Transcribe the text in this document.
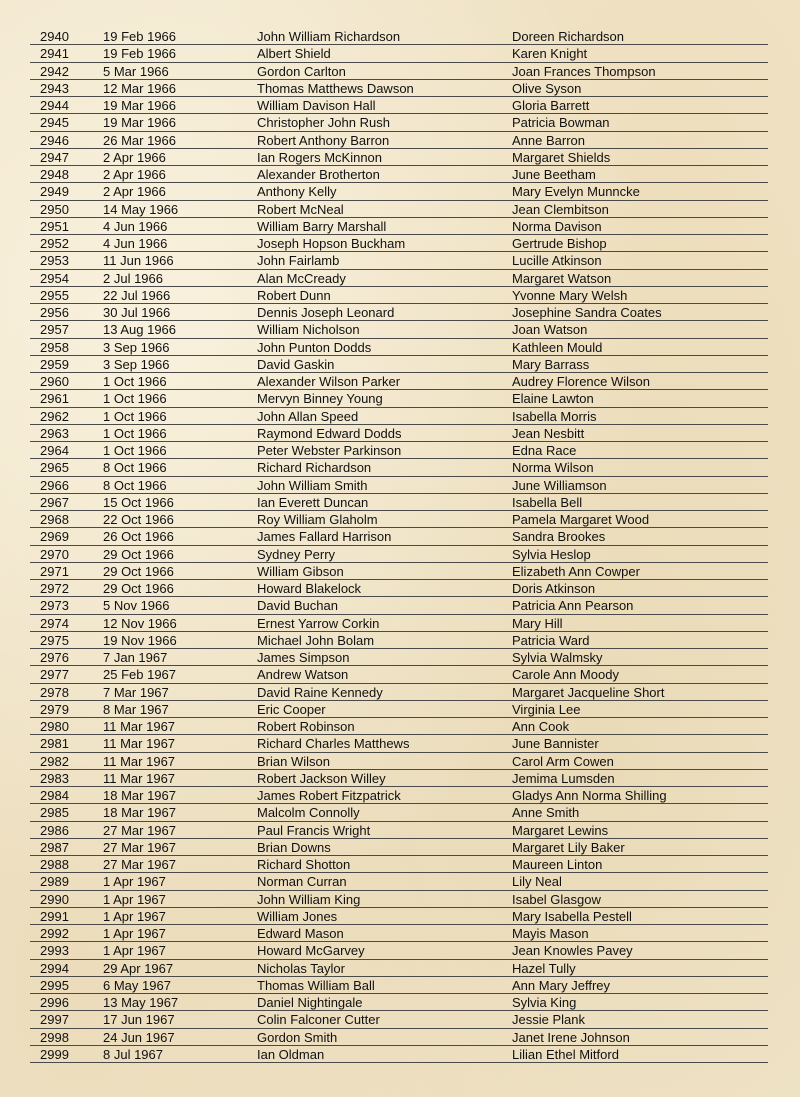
2940	19 Feb 1966	John William Richardson	Doreen Richardson
2941	19 Feb 1966	Albert Shield	Karen Knight
2942	5 Mar 1966	Gordon Carlton	Joan Frances Thompson
2943	12 Mar 1966	Thomas Matthews Dawson	Olive Syson
2944	19 Mar 1966	William Davison Hall	Gloria Barrett
2945	19 Mar 1966	Christopher John Rush	Patricia Bowman
2946	26 Mar 1966	Robert Anthony Barron	Anne Barron
2947	2 Apr 1966	Ian Rogers McKinnon	Margaret Shields
2948	2 Apr 1966	Alexander Brotherton	June Beetham
2949	2 Apr 1966	Anthony Kelly	Mary Evelyn Munncke
2950	14 May 1966	Robert McNeal	Jean Clembitson
2951	4 Jun 1966	William Barry Marshall	Norma Davison
2952	4 Jun 1966	Joseph Hopson Buckham	Gertrude Bishop
2953	11 Jun 1966	John Fairlamb	Lucille Atkinson
2954	2 Jul 1966	Alan McCready	Margaret Watson
2955	22 Jul 1966	Robert Dunn	Yvonne Mary Welsh
2956	30 Jul 1966	Dennis Joseph Leonard	Josephine Sandra Coates
2957	13 Aug 1966	William Nicholson	Joan Watson
2958	3 Sep 1966	John Punton Dodds	Kathleen Mould
2959	3 Sep 1966	David Gaskin	Mary Barrass
2960	1 Oct 1966	Alexander Wilson Parker	Audrey Florence Wilson
2961	1 Oct 1966	Mervyn Binney Young	Elaine Lawton
2962	1 Oct 1966	John Allan Speed	Isabella Morris
2963	1 Oct 1966	Raymond Edward Dodds	Jean Nesbitt
2964	1 Oct 1966	Peter Webster Parkinson	Edna Race
2965	8 Oct 1966	Richard Richardson	Norma Wilson
2966	8 Oct 1966	John William Smith	June Williamson
2967	15 Oct 1966	Ian Everett Duncan	Isabella Bell
2968	22 Oct 1966	Roy William Glaholm	Pamela Margaret Wood
2969	26 Oct 1966	James Fallard Harrison	Sandra Brookes
2970	29 Oct 1966	Sydney Perry	Sylvia Heslop
2971	29 Oct 1966	William Gibson	Elizabeth Ann Cowper
2972	29 Oct 1966	Howard Blakelock	Doris Atkinson
2973	5 Nov 1966	David Buchan	Patricia Ann Pearson
2974	12 Nov 1966	Ernest Yarrow Corkin	Mary Hill
2975	19 Nov 1966	Michael John Bolam	Patricia Ward
2976	7 Jan 1967	James Simpson	Sylvia Walmsky
2977	25 Feb 1967	Andrew Watson	Carole Ann Moody
2978	7 Mar 1967	David Raine Kennedy	Margaret Jacqueline Short
2979	8 Mar 1967	Eric Cooper	Virginia Lee
2980	11 Mar 1967	Robert Robinson	Ann Cook
2981	11 Mar 1967	Richard Charles Matthews	June Bannister
2982	11 Mar 1967	Brian Wilson	Carol Arm Cowen
2983	11 Mar 1967	Robert Jackson Willey	Jemima Lumsden
2984	18 Mar 1967	James Robert Fitzpatrick	Gladys Ann Norma Shilling
2985	18 Mar 1967	Malcolm Connolly	Anne Smith
2986	27 Mar 1967	Paul Francis Wright	Margaret Lewins
2987	27 Mar 1967	Brian Downs	Margaret Lily Baker
2988	27 Mar 1967	Richard Shotton	Maureen Linton
2989	1 Apr 1967	Norman Curran	Lily Neal
2990	1 Apr 1967	John William King	Isabel Glasgow
2991	1 Apr 1967	William Jones	Mary Isabella Pestell
2992	1 Apr 1967	Edward Mason	Mayis Mason
2993	1 Apr 1967	Howard McGarvey	Jean Knowles Pavey
2994	29 Apr 1967	Nicholas Taylor	Hazel Tully
2995	6 May 1967	Thomas William Ball	Ann Mary Jeffrey
2996	13 May 1967	Daniel Nightingale	Sylvia King
2997	17 Jun 1967	Colin Falconer Cutter	Jessie Plank
2998	24 Jun 1967	Gordon Smith	Janet Irene Johnson
2999	8 Jul 1967	Ian Oldman	Lilian Ethel Mitford
